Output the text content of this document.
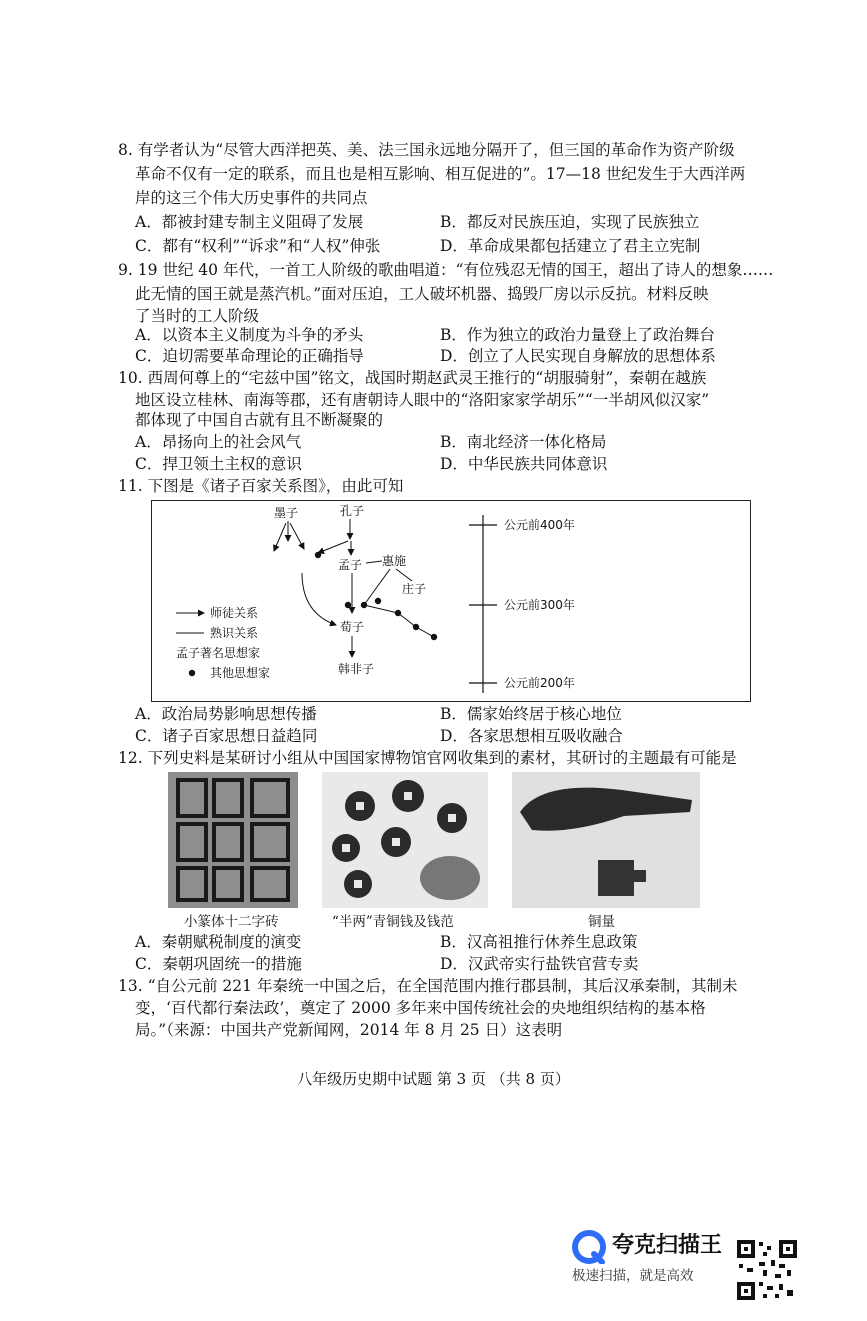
8. 有学者认为“尽管大西洋把英、美、法三国永远地分隔开了，但三国的革命作为资产阶级
革命不仅有一定的联系，而且也是相互影响、相互促进的”。17—18 世纪发生于大西洋两
岸的这三个伟大历史事件的共同点
A．都被封建专制主义阻碍了发展	B．都反对民族压迫，实现了民族独立
C．都有“权利”“诉求”和“人权”伸张	D．革命成果都包括建立了君主立宪制
9. 19 世纪 40 年代，一首工人阶级的歌曲唱道：“有位残忍无情的国王，超出了诗人的想象……
此无情的国王就是蒸汽机。”面对压迫，工人破坏机器、捣毁厂房以示反抗。材料反映
了当时的工人阶级
A．以资本主义制度为斗争的矛头	B．作为独立的政治力量登上了政治舞台
C．迫切需要革命理论的正确指导	D．创立了人民实现自身解放的思想体系
10. 西周何尊上的“宅兹中国”铭文，战国时期赵武灵王推行的“胡服骑射”，秦朝在越族
地区设立桂林、南海等郡，还有唐朝诗人眼中的“洛阳家家学胡乐”“一半胡风似汉家”
都体现了中国自古就有且不断凝聚的
A．昂扬向上的社会风气	B．南北经济一体化格局
C．捍卫领土主权的意识	D．中华民族共同体意识
11. 下图是《诸子百家关系图》，由此可知
墨子	孔子
孟子 惠施
庄子
荀子
韩非子
师徒关系
熟识关系
孟子著名思想家
其他思想家
公元前400年
公元前300年
公元前200年
A．政治局势影响思想传播	B．儒家始终居于核心地位
C．诸子百家思想日益趋同	D．各家思想相互吸收融合
12. 下列史料是某研讨小组从中国国家博物馆官网收集到的素材，其研讨的主题最有可能是
小篆体十二字砖	“半两”青铜钱及钱范	铜量
A．秦朝赋税制度的演变	B．汉高祖推行休养生息政策
C．秦朝巩固统一的措施	D．汉武帝实行盐铁官营专卖
13. “自公元前 221 年秦统一中国之后，在全国范围内推行郡县制，其后汉承秦制，其制未
变，‘百代都行秦法政’，奠定了 2000 多年来中国传统社会的央地组织结构的基本格
局。”（来源：中国共产党新闻网，2014 年 8 月 25 日）这表明
八年级历史期中试题 第 3 页 （共 8 页）
夸克扫描王
极速扫描，就是高效
